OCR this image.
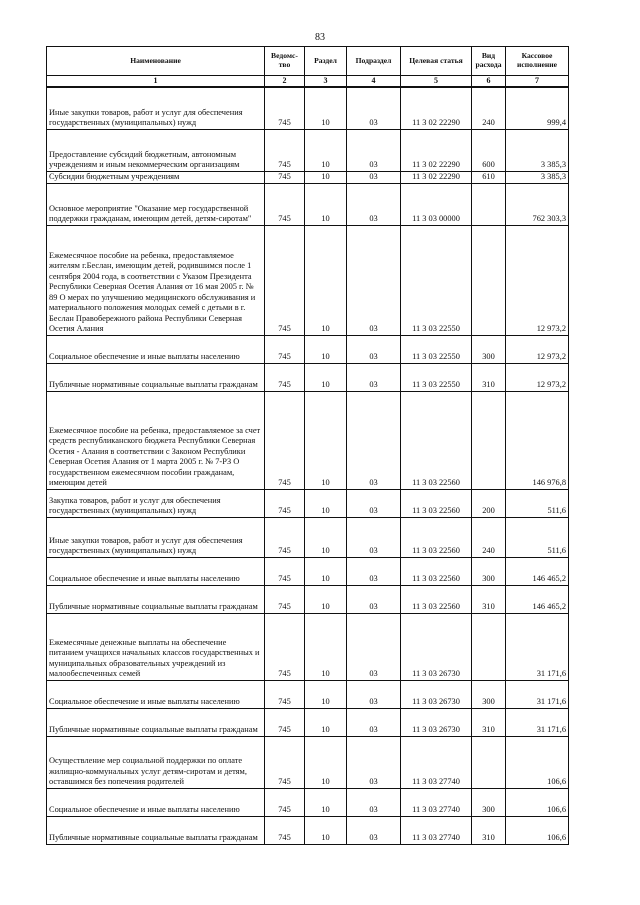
83
Наименование	Ведомс-тво	Раздел	Подраздел	Целевая статья	Вид расхода	Кассовое исполнение
1	2	3	4	5	6	7
Иные закупки товаров, работ и услуг для обеспечения государственных (муниципальных) нужд	745	10	03	11 3 02 22290	240	999,4
Предоставление субсидий бюджетным, автономным учреждениям и иным некоммерческим организациям	745	10	03	11 3 02 22290	600	3 385,3
Субсидии бюджетным учреждениям	745	10	03	11 3 02 22290	610	3 385,3
Основное мероприятие "Оказание мер государственной поддержки гражданам, имеющим детей, детям-сиротам"	745	10	03	11 3 03 00000		762 303,3
Ежемесячное пособие на ребенка, предоставляемое жителям г.Беслан, имеющим детей, родившимся после 1 сентября 2004 года, в соответствии с Указом Президента Республики Северная Осетия Алания от 16 мая 2005 г. № 89 О мерах по улучшению медицинского обслуживания и материального положения молодых семей с детьми в г. Беслан Правобережного района Республики Северная Осетия Алания	745	10	03	11 3 03 22550		12 973,2
Социальное обеспечение и иные выплаты населению	745	10	03	11 3 03 22550	300	12 973,2
Публичные нормативные социальные выплаты гражданам	745	10	03	11 3 03 22550	310	12 973,2
Ежемесячное пособие на ребенка, предоставляемое за счет средств республиканского бюджета Республики Северная Осетия - Алания в соответствии с Законом Республики Северная Осетия Алания от 1 марта 2005 г. № 7-РЗ О государственном ежемесячном пособии гражданам, имеющим детей	745	10	03	11 3 03 22560		146 976,8
Закупка товаров, работ и услуг для обеспечения государственных (муниципальных) нужд	745	10	03	11 3 03 22560	200	511,6
Иные закупки товаров, работ и услуг для обеспечения государственных (муниципальных) нужд	745	10	03	11 3 03 22560	240	511,6
Социальное обеспечение и иные выплаты населению	745	10	03	11 3 03 22560	300	146 465,2
Публичные нормативные социальные выплаты гражданам	745	10	03	11 3 03 22560	310	146 465,2
Ежемесячные денежные выплаты на обеспечение питанием учащихся начальных классов государственных и муниципальных образовательных учреждений из малообеспеченных семей	745	10	03	11 3 03 26730		31 171,6
Социальное обеспечение и иные выплаты населению	745	10	03	11 3 03 26730	300	31 171,6
Публичные нормативные социальные выплаты гражданам	745	10	03	11 3 03 26730	310	31 171,6
Осуществление мер социальной поддержки по оплате жилищно-коммунальных услуг детям-сиротам и детям, оставшимся без попечения родителей	745	10	03	11 3 03 27740		106,6
Социальное обеспечение и иные выплаты населению	745	10	03	11 3 03 27740	300	106,6
Публичные нормативные социальные выплаты гражданам	745	10	03	11 3 03 27740	310	106,6
